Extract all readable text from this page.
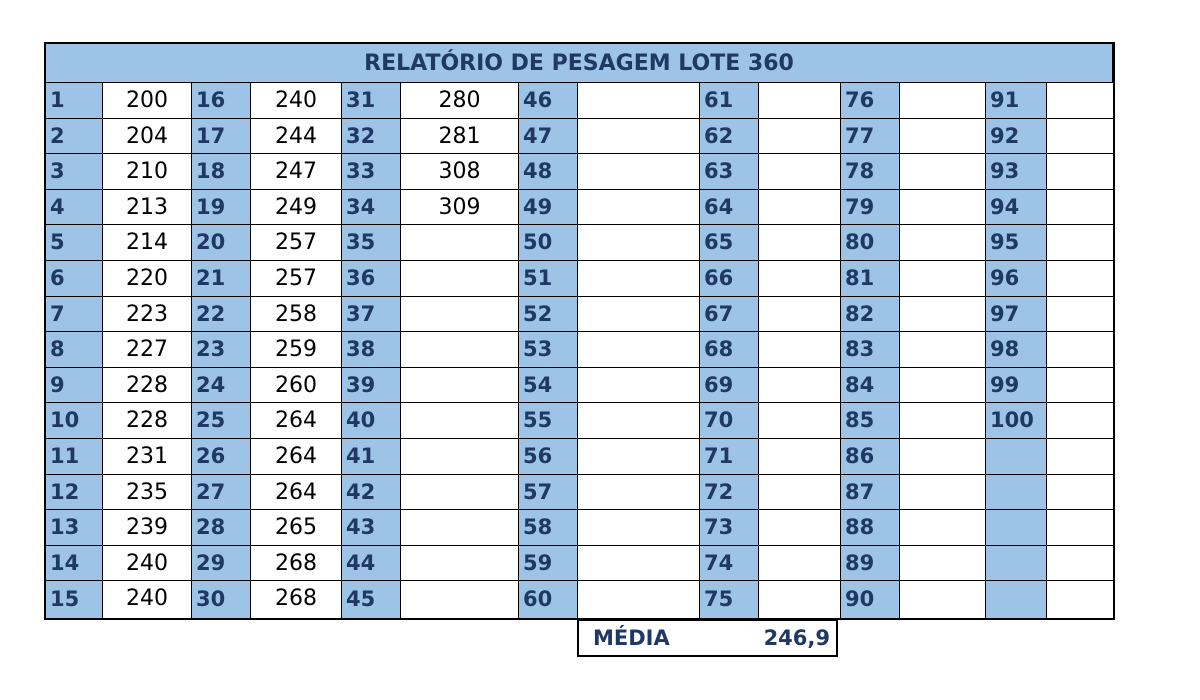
RELATÓRIO DE PESAGEM LOTE 360
1	200
2	204
3	210
4	213
5	214
6	220
7	223
8	227
9	228
10	228
11	231
12	235
13	239
14	240
15	240
16	240
17	244
18	247
19	249
20	257
21	257
22	258
23	259
24	260
25	264
26	264
27	264
28	265
29	268
30	268
31	280
32	281
33	308
34	309
35
36
37
38
39
40
41
42
43
44
45
46
47
48
49
50
51
52
53
54
55
56
57
58
59
60
61
62
63
64
65
66
67
68
69
70
71
72
73
74
75
76
77
78
79
80
81
82
83
84
85
86
87
88
89
90
91
92
93
94
95
96
97
98
99
100
MÉDIA	246,9
